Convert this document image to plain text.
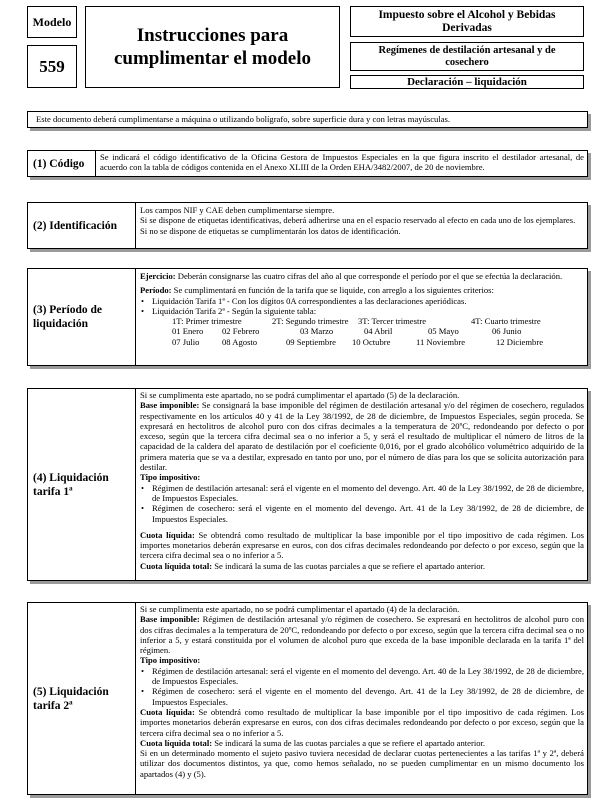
Modelo
559
Instrucciones para cumplimentar el modelo
Impuesto sobre el Alcohol y Bebidas Derivadas
Regímenes de destilación artesanal y de cosechero
Declaración – liquidación
Este documento deberá cumplimentarse a máquina o utilizando bolígrafo, sobre superficie dura y con letras mayúsculas.
(1) Código
Se indicará el código identificativo de la Oficina Gestora de Impuestos Especiales en la que figura inscrito el destilador artesanal, de acuerdo con la tabla de códigos contenida en el Anexo XLIII de la Orden EHA/3482/2007, de 20 de noviembre.
(2) Identificación

Los campos NIF y CAE deben cumplimentarse siempre.

Si se dispone de etiquetas identificativas, deberá adherirse una en el espacio reservado al efecto en cada uno de los ejemplares.

Si no se dispone de etiquetas se cumplimentarán los datos de identificación.

(3) Período de liquidación

Ejercicio: Deberán consignarse las cuatro cifras del año al que corresponde el período por el que se efectúa la declaración.

Período: Se cumplimentará en función de la tarifa que se liquide, con arreglo a los siguientes criterios:

• Liquidación Tarifa 1ª - Con los dígitos 0A correspondientes a las declaraciones aperiódicas.
• Liquidación Tarifa 2ª - Según la siguiente tabla:
1T: Primer trimestre	2T: Segundo trimestre	3T: Tercer trimestre	4T: Cuarto trimestre
01 Enero	02 Febrero	03 Marzo	04 Abril	05 Mayo	06 Junio
07 Julio	08 Agosto	09 Septiembre	10 Octubre	11 Noviembre	12 Diciembre
(4) Liquidación tarifa 1ª

Si se cumplimenta este apartado, no se podrá cumplimentar el apartado (5) de la declaración.

Base imponible: Se consignará la base imponible del régimen de destilación artesanal y/o del régimen de cosechero, regulados respectivamente en los artículos 40 y 41 de la Ley 38/1992, de 28 de diciembre, de Impuestos Especiales, según proceda. Se expresará en hectolitros de alcohol puro con dos cifras decimales a la temperatura de 20ºC, redondeando por defecto o por exceso, según que la tercera cifra decimal sea o no inferior a 5, y será el resultado de multiplicar el número de litros de la capacidad de la caldera del aparato de destilación por el coeficiente 0,016, por el grado alcohólico volumétrico adquirido de la primera materia que se va a destilar, expresado en tanto por uno, por el número de días para los que se solicita autorización para destilar.

Tipo impositivo:

• Régimen de destilación artesanal: será el vigente en el momento del devengo. Art. 40 de la Ley 38/1992, de 28 de diciembre, de Impuestos Especiales.
• Régimen de cosechero: será el vigente en el momento del devengo. Art. 41 de la Ley 38/1992, de 28 de diciembre, de Impuestos Especiales.

Cuota líquida: Se obtendrá como resultado de multiplicar la base imponible por el tipo impositivo de cada régimen. Los importes monetarios deberán expresarse en euros, con dos cifras decimales redondeando por defecto o por exceso, según que la tercera cifra decimal sea o no inferior a 5.

Cuota líquida total: Se indicará la suma de las cuotas parciales a que se refiere el apartado anterior.

(5) Liquidación tarifa 2ª

Si se cumplimenta este apartado, no se podrá cumplimentar el apartado (4) de la declaración.

Base imponible: Régimen de destilación artesanal y/o régimen de cosechero. Se expresará en hectolitros de alcohol puro con dos cifras decimales a la temperatura de 20ºC, redondeando por defecto o por exceso, según que la tercera cifra decimal sea o no inferior a 5, y estará constituida por el volumen de alcohol puro que exceda de la base imponible declarada en la tarifa 1ª del régimen.

Tipo impositivo:

• Régimen de destilación artesanal: será el vigente en el momento del devengo. Art. 40 de la Ley 38/1992, de 28 de diciembre, de Impuestos Especiales.
• Régimen de cosechero: será el vigente en el momento del devengo. Art. 41 de la Ley 38/1992, de 28 de diciembre, de Impuestos Especiales.

Cuota líquida: Se obtendrá como resultado de multiplicar la base imponible por el tipo impositivo de cada régimen. Los importes monetarios deberán expresarse en euros, con dos cifras decimales redondeando por defecto o por exceso, según que la tercera cifra decimal sea o no inferior a 5.

Cuota líquida total: Se indicará la suma de las cuotas parciales a que se refiere el apartado anterior.

Si en un determinado momento el sujeto pasivo tuviera necesidad de declarar cuotas pertenecientes a las tarifas 1ª y 2ª, deberá utilizar dos documentos distintos, ya que, como hemos señalado, no se pueden cumplimentar en un mismo documento los apartados (4) y (5).
